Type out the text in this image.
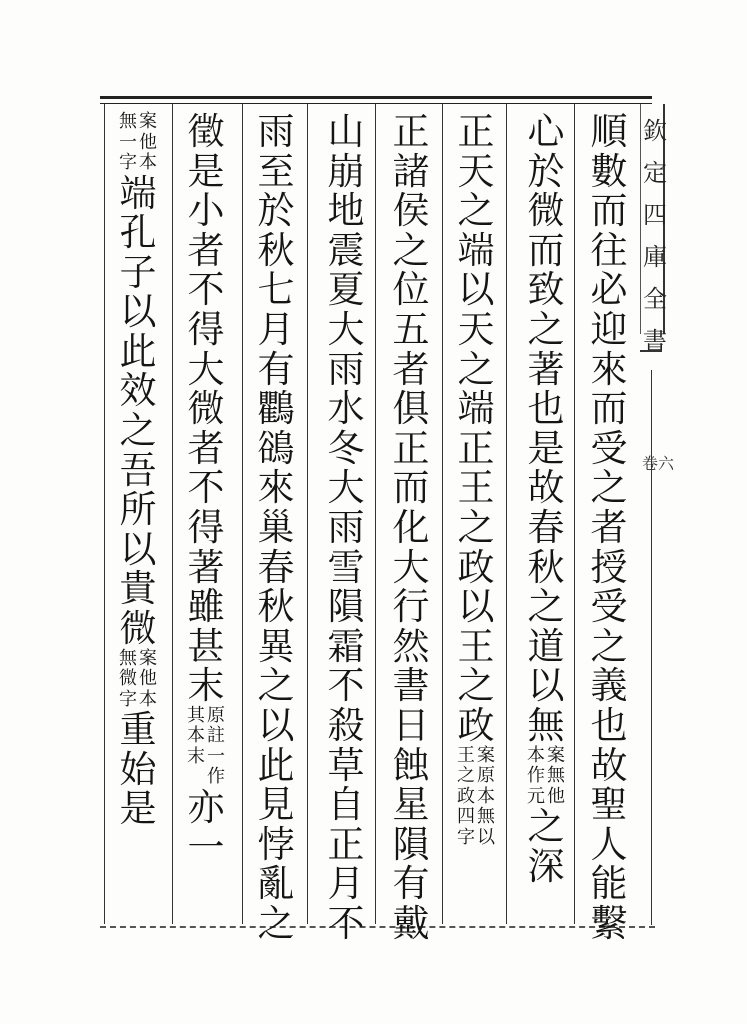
欽
定
四
庫
全
書
卷六
順
數
而
往
必
迎
來
而
受
之
者
授
受
之
義
也
故
聖
人
能
繫
心
於
微
而
致
之
著
也
是
故
春
秋
之
道
以
無
案
無
他
本
作
元
之
深
正
天
之
端
以
天
之
端
正
王
之
政
以
王
之
政
案
原
本
無
以
王
之
政
四
字
正
諸
侯
之
位
五
者
俱
正
而
化
大
行
然
書
日
蝕
星
隕
有
戴
山
崩
地
震
夏
大
雨
水
冬
大
雨
雪
隕
霜
不
殺
草
自
正
月
不
雨
至
於
秋
七
月
有
鸜
鵒
來
巢
春
秋
異
之
以
此
見
悖
亂
之
徵
是
小
者
不
得
大
微
者
不
得
著
雖
甚
末
原
註
一
作
其
本
末
亦
一
案
他
本
無
一
字
端
孔
子
以
此
效
之
吾
所
以
貴
微
案
他
本
無
微
字
重
始
是
